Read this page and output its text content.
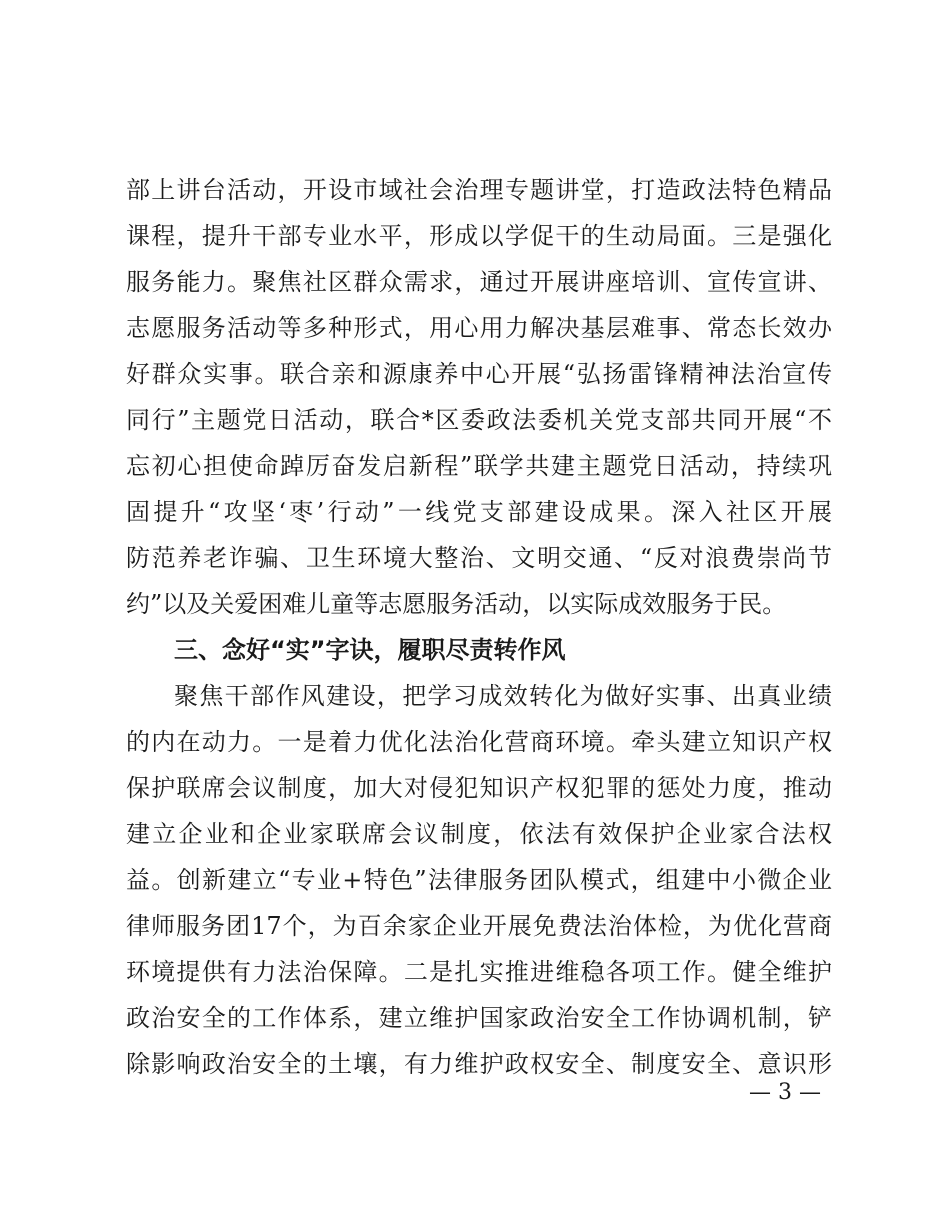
部上讲台活动，开设市域社会治理专题讲堂，打造政法特色精品
课程，提升干部专业水平，形成以学促干的生动局面。三是强化
服务能力。聚焦社区群众需求，通过开展讲座培训、宣传宣讲、
志愿服务活动等多种形式，用心用力解决基层难事、常态长效办
好群众实事。联合亲和源康养中心开展“弘扬雷锋精神法治宣传
同行”主题党日活动，联合*区委政法委机关党支部共同开展“不
忘初心担使命踔厉奋发启新程”联学共建主题党日活动，持续巩
固提升“攻坚‘枣’行动”一线党支部建设成果。深入社区开展
防范养老诈骗、卫生环境大整治、文明交通、“反对浪费崇尚节
约”以及关爱困难儿童等志愿服务活动，以实际成效服务于民。
三、念好“实”字诀，履职尽责转作风
聚焦干部作风建设，把学习成效转化为做好实事、出真业绩
的内在动力。一是着力优化法治化营商环境。牵头建立知识产权
保护联席会议制度，加大对侵犯知识产权犯罪的惩处力度，推动
建立企业和企业家联席会议制度，依法有效保护企业家合法权
益。创新建立“专业+特色”法律服务团队模式，组建中小微企业
律师服务团17个，为百余家企业开展免费法治体检，为优化营商
环境提供有力法治保障。二是扎实推进维稳各项工作。健全维护
政治安全的工作体系，建立维护国家政治安全工作协调机制，铲
除影响政治安全的土壤，有力维护政权安全、制度安全、意识形
— 3 —
